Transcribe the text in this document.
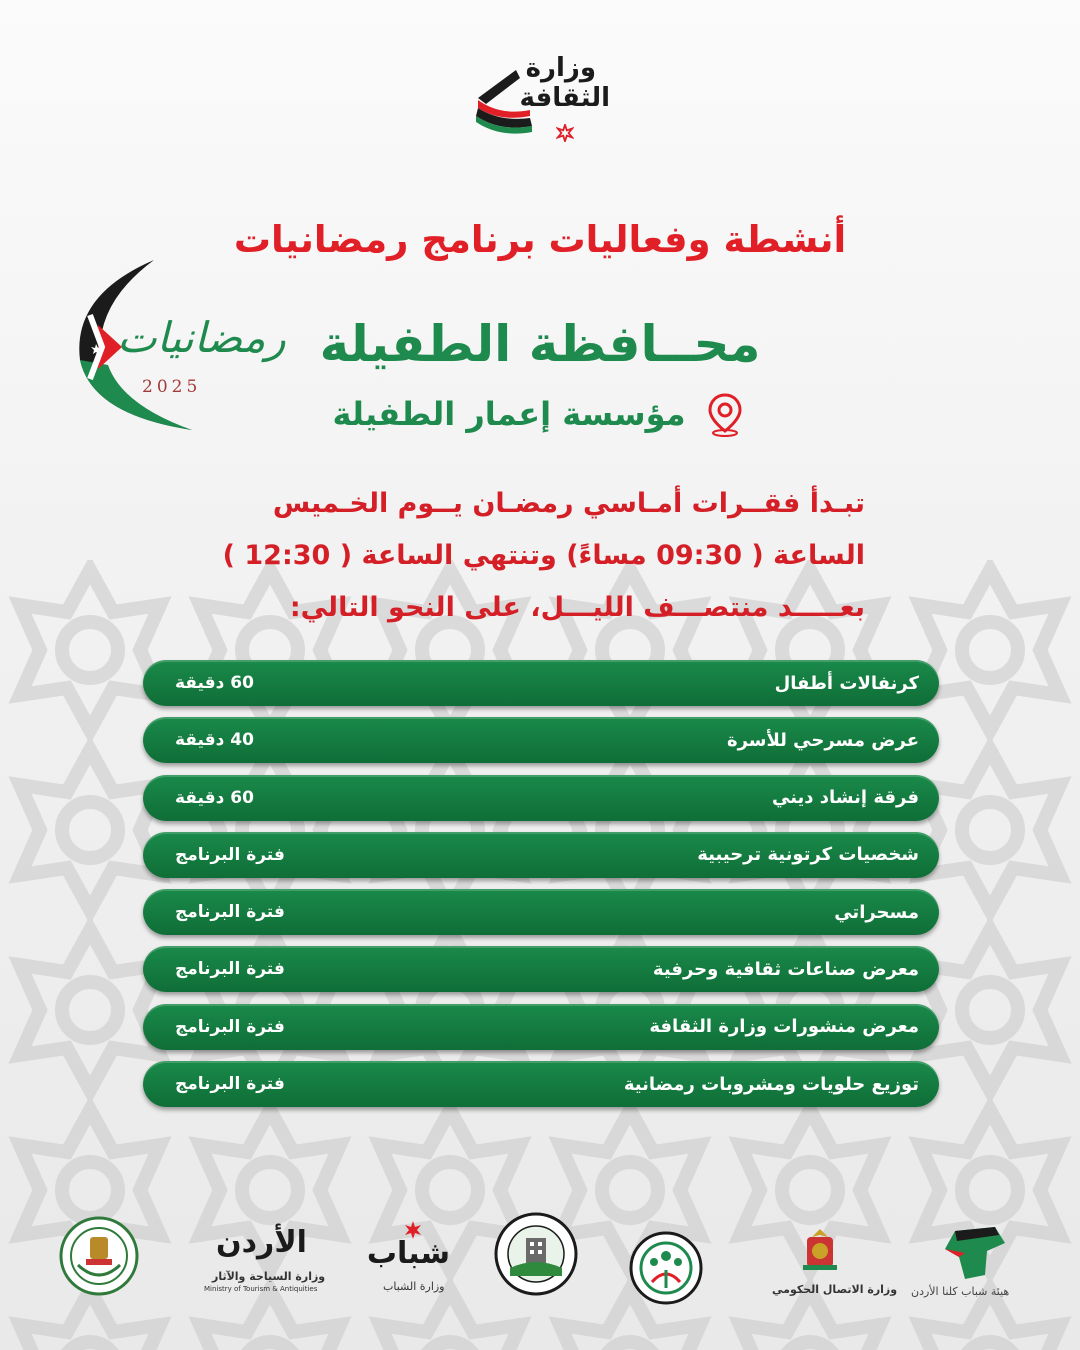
وزارة
الثقافة
أنشطة وفعاليات برنامج رمضانيات
رمضانيات
2025
محــافظة الطفيلة
مؤسسة إعمار الطفيلة
تبـدأ فقــرات أمـاسي رمضـان يــوم الخـميس
الساعة ( 09:30 مساءً) وتنتهي الساعة ( 12:30 )
بعـــــد منتصـــف الليـــل، على النحو التالي:
كرنفالات أطفال
60 دقيقة
عرض مسرحي للأسرة
40 دقيقة
فرقة إنشاد ديني
60 دقيقة
شخصيات كرتونية ترحيبية
فترة البرنامج
مسحراتي
فترة البرنامج
معرض صناعات ثقافية وحرفية
فترة البرنامج
معرض منشورات وزارة الثقافة
فترة البرنامج
توزيع حلويات ومشروبات رمضانية
فترة البرنامج
الأردن
وزارة السياحة والآثار
Ministry of Tourism & Antiquities
شباب
وزارة الشباب	وزارة الاتصال الحكومي هيئة شباب كلنا الأردن
